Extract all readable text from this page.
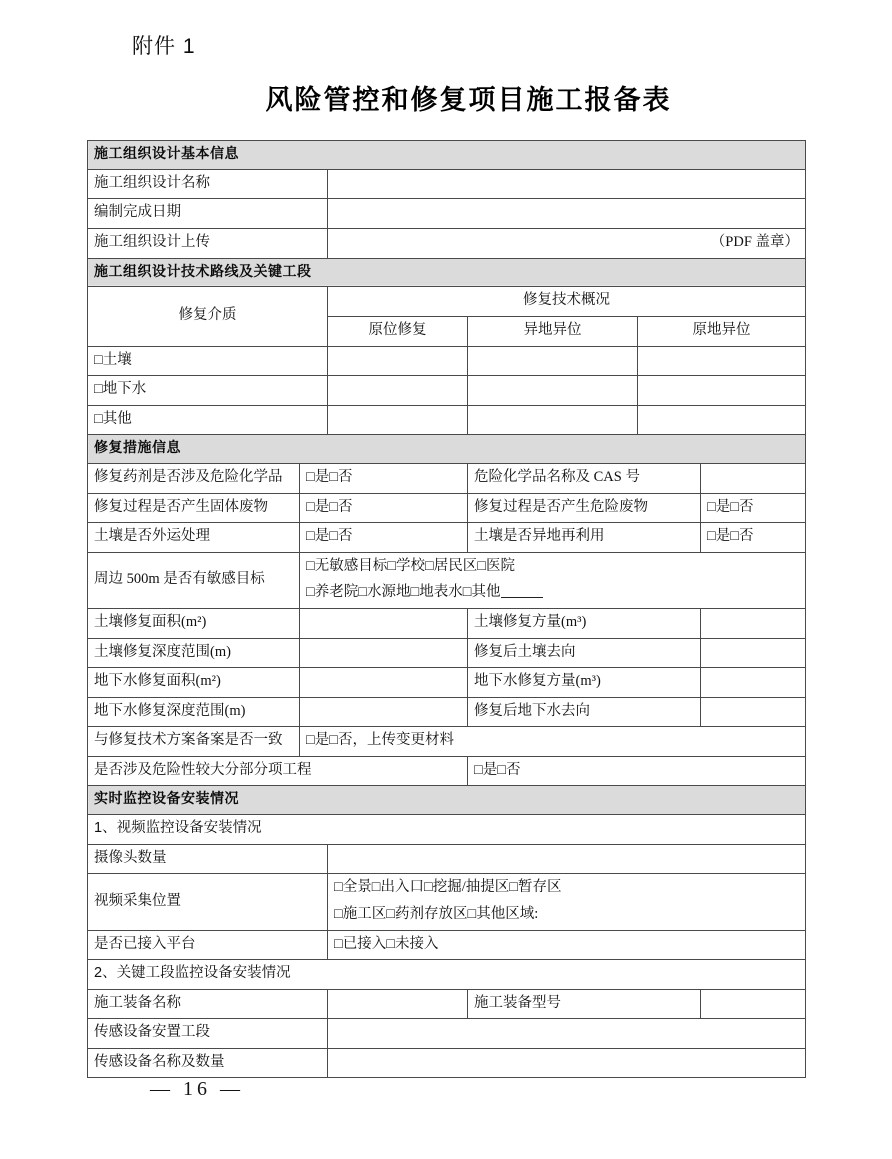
附件 1
风险管控和修复项目施工报备表
施工组织设计基本信息					
施工组织设计名称					
编制完成日期					
施工组织设计上传		（PDF 盖章）			
施工组织设计技术路线及关键工段					
修复介质		修复技术概况			
		原位修复	异地异位	原地异位	
□土壤					
□地下水					
□其他					
修复措施信息					
修复药剂是否涉及危险化学品	□是□否		危险化学品名称及 CAS 号		
修复过程是否产生固体废物	□是□否		修复过程是否产生危险废物		□是□否
土壤是否外运处理	□是□否		土壤是否异地再利用		□是□否
周边 500m 是否有敏感目标	□无敏感目标□学校□居民区□医院
□养老院□水源地□地表水□其他				

土壤修复面积(m²)			土壤修复方量(m³)		
土壤修复深度范围(m)			修复后土壤去向		
地下水修复面积(m²)			地下水修复方量(m³)		
地下水修复深度范围(m)			修复后地下水去向		
与修复技术方案备案是否一致	□是□否，上传变更材料				
是否涉及危险性较大分部分项工程			□是□否		
实时监控设备安装情况					
1、视频监控设备安装情况					
摄像头数量					
视频采集位置		□全景□出入口□挖掘/抽提区□暂存区
□施工区□药剂存放区□其他区域:			

是否已接入平台		□已接入□未接入			
2、关键工段监控设备安装情况					
施工装备名称			施工装备型号		
传感设备安置工段					
传感设备名称及数量					
— 16 —
